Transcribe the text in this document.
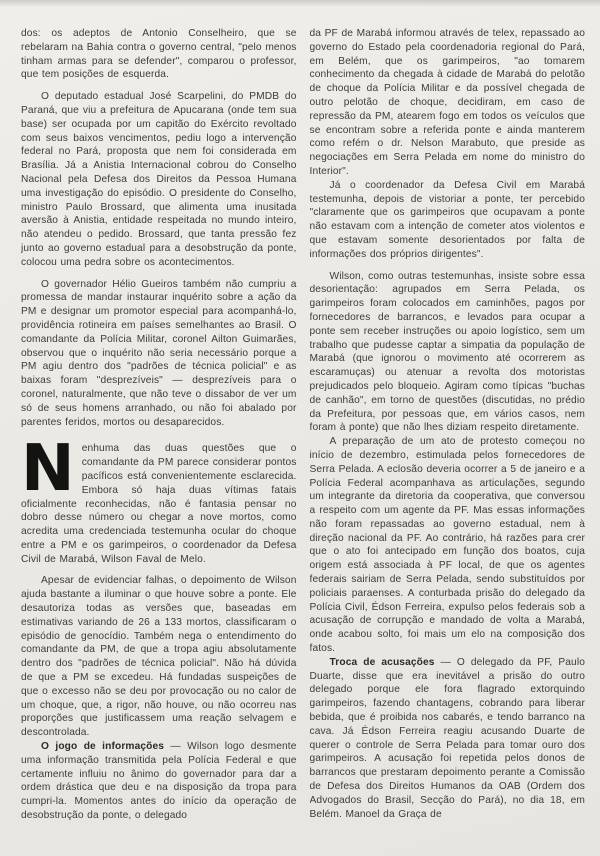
dos: os adeptos de Antonio Conselheiro, que se rebelaram na Bahia contra o governo central, "pelo menos tinham armas para se defender", comparou o professor, que tem posições de esquerda.

O deputado estadual José Scarpelini, do PMDB do Paraná, que viu a prefeitura de Apucarana (onde tem sua base) ser ocupada por um capitão do Exército revoltado com seus baixos vencimentos, pediu logo a intervenção federal no Pará, proposta que nem foi considerada em Brasília. Já a Anistia Internacional cobrou do Conselho Nacional pela Defesa dos Direitos da Pessoa Humana uma investigação do episódio. O presidente do Conselho, ministro Paulo Brossard, que alimenta uma inusitada aversão à Anistia, entidade respeitada no mundo inteiro, não atendeu o pedido. Brossard, que tanta pressão fez junto ao governo estadual para a desobstrução da ponte, colocou uma pedra sobre os acontecimentos.

O governador Hélio Gueiros também não cumpriu a promessa de mandar instaurar inquérito sobre a ação da PM e designar um promotor especial para acompanhá-lo, providência rotineira em países semelhantes ao Brasil. O comandante da Polícia Militar, coronel Ailton Guimarães, observou que o inquérito não seria necessário porque a PM agiu dentro dos "padrões de técnica policial" e as baixas foram "desprezíveis" — desprezíveis para o coronel, naturalmente, que não teve o dissabor de ver um só de seus homens arranhado, ou não foi abalado por parentes feridos, mortos ou desaparecidos.

Nenhuma das duas questões que o comandante da PM parece considerar pontos pacíficos está convenientemente esclarecida. Embora só haja duas vítimas fatais oficialmente reconhecidas, não é fantasia pensar no dobro desse número ou chegar a nove mortos, como acredita uma credenciada testemunha ocular do choque entre a PM e os garimpeiros, o coordenador da Defesa Civil de Marabá, Wilson Faval de Melo.

Apesar de evidenciar falhas, o depoimento de Wilson ajuda bastante a iluminar o que houve sobre a ponte. Ele desautoriza todas as versões que, baseadas em estimativas variando de 26 a 133 mortos, classificaram o episódio de genocídio. Também nega o entendimento do comandante da PM, de que a tropa agiu absolutamente dentro dos "padrões de técnica policial". Não há dúvida de que a PM se excedeu. Há fundadas suspeições de que o excesso não se deu por provocação ou no calor de um choque, que, a rigor, não houve, ou não ocorreu nas proporções que justificassem uma reação selvagem e descontrolada.

O jogo de informações — Wilson logo desmente uma informação transmitida pela Polícia Federal e que certamente influiu no ânimo do governador para dar a ordem drástica que deu e na disposição da tropa para cumpri-la. Momentos antes do início da operação de desobstrução da ponte, o delegado

da PF de Marabá informou através de telex, repassado ao governo do Estado pela coordenadoria regional do Pará, em Belém, que os garimpeiros, "ao tomarem conhecimento da chegada à cidade de Marabá do pelotão de choque da Polícia Militar e da possível chegada de outro pelotão de choque, decidiram, em caso de repressão da PM, atearem fogo em todos os veículos que se encontram sobre a referida ponte e ainda manterem como refém o dr. Nelson Marabuto, que preside as negociações em Serra Pelada em nome do ministro do Interior".

Já o coordenador da Defesa Civil em Marabá testemunha, depois de vistoriar a ponte, ter percebido "claramente que os garimpeiros que ocupavam a ponte não estavam com a intenção de cometer atos violentos e que estavam somente desorientados por falta de informações dos próprios dirigentes".

Wilson, como outras testemunhas, insiste sobre essa desorientação: agrupados em Serra Pelada, os garimpeiros foram colocados em caminhões, pagos por fornecedores de barrancos, e levados para ocupar a ponte sem receber instruções ou apoio logístico, sem um trabalho que pudesse captar a simpatia da população de Marabá (que ignorou o movimento até ocorrerem as escaramuças) ou atenuar a revolta dos motoristas prejudicados pelo bloqueio. Agiram como típicas "buchas de canhão", em torno de questões (discutidas, no prédio da Prefeitura, por pessoas que, em vários casos, nem foram à ponte) que não lhes diziam respeito diretamente.

A preparação de um ato de protesto começou no início de dezembro, estimulada pelos fornecedores de Serra Pelada. A eclosão deveria ocorrer a 5 de janeiro e a Polícia Federal acompanhava as articulações, segundo um integrante da diretoria da cooperativa, que conversou a respeito com um agente da PF. Mas essas informações não foram repassadas ao governo estadual, nem à direção nacional da PF. Ao contrário, há razões para crer que o ato foi antecipado em função dos boatos, cuja origem está associada à PF local, de que os agentes federais sairiam de Serra Pelada, sendo substituídos por policiais paraenses. A conturbada prisão do delegado da Polícia Civil, Édson Ferreira, expulso pelos federais sob a acusação de corrupção e mandado de volta a Marabá, onde acabou solto, foi mais um elo na composição dos fatos.

Troca de acusações — O delegado da PF, Paulo Duarte, disse que era inevitável a prisão do outro delegado porque ele fora flagrado extorquindo garimpeiros, fazendo chantagens, cobrando para liberar bebida, que é proibida nos cabarés, e tendo barranco na cava. Já Édson Ferreira reagiu acusando Duarte de querer o controle de Serra Pelada para tomar ouro dos garimpeiros. A acusação foi repetida pelos donos de barrancos que prestaram depoimento perante a Comissão de Defesa dos Direitos Humanos da OAB (Ordem dos Advogados do Brasil, Secção do Pará), no dia 18, em Belém. Manoel da Graça de
